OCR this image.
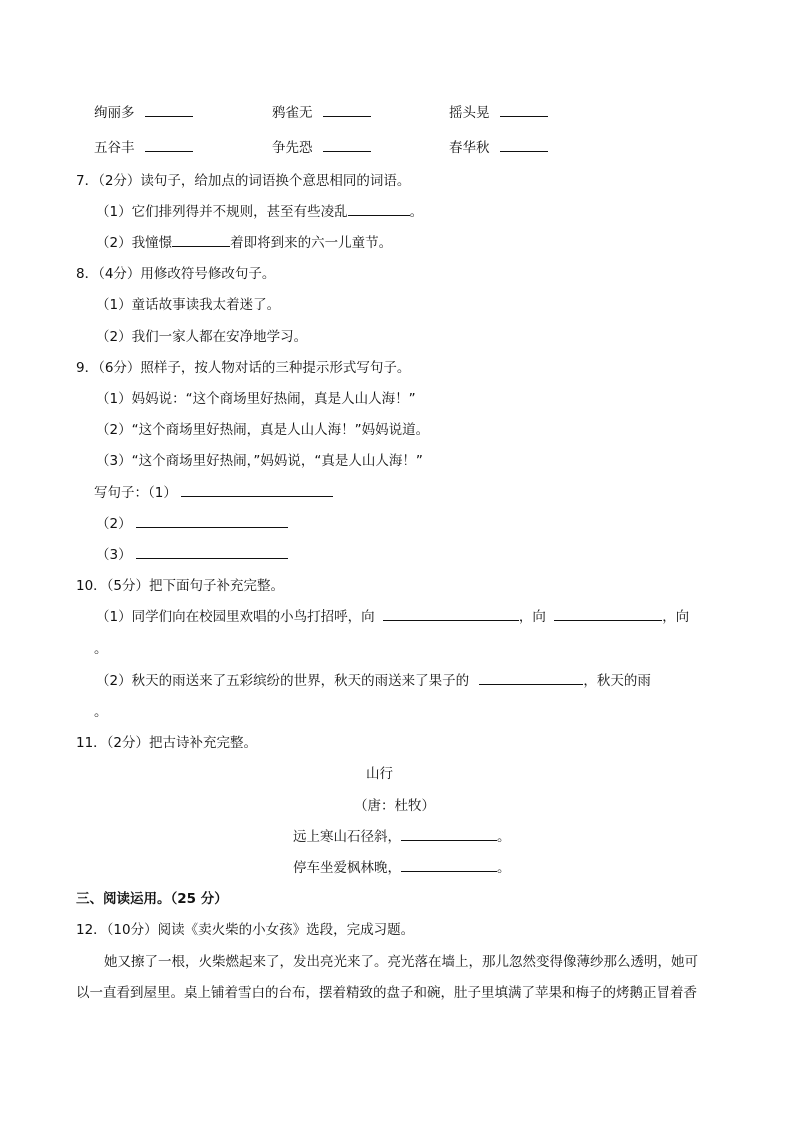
绚丽多	鸦雀无	摇头晃
五谷丰	争先恐	春华秋
7．（2分）读句子，给加点的词语换个意思相同的词语。
（1）它们排列得并不规则，甚至有些凌乱	。
（2）我憧憬	着即将到来的六一儿童节。
8．（4分）用修改符号修改句子。
（1）童话故事读我太着迷了。
（2）我们一家人都在安净地学习。
9．（6分）照样子，按人物对话的三种提示形式写句子。
（1）妈妈说：“这个商场里好热闹，真是人山人海！”
（2）“这个商场里好热闹，真是人山人海！”妈妈说道。
（3）“这个商场里好热闹，”妈妈说，“真是人山人海！”
写句子：（1）
（2）
（3）
10．（5分）把下面句子补充完整。
（1）同学们向在校园里欢唱的小鸟打招呼，向	，向	，向
。
（2）秋天的雨送来了五彩缤纷的世界，秋天的雨送来了果子的	，秋天的雨
。
11．（2分）把古诗补充完整。
山行
（唐：杜牧）
远上寒山石径斜，	。
停车坐爱枫林晚，	。
三、阅读运用。（25 分）
12．（10分）阅读《卖火柴的小女孩》选段，完成习题。
她又擦了一根，火柴燃起来了，发出亮光来了。亮光落在墙上，那儿忽然变得像薄纱那么透明，她可
以一直看到屋里。桌上铺着雪白的台布，摆着精致的盘子和碗，肚子里填满了苹果和梅子的烤鹅正冒着香
